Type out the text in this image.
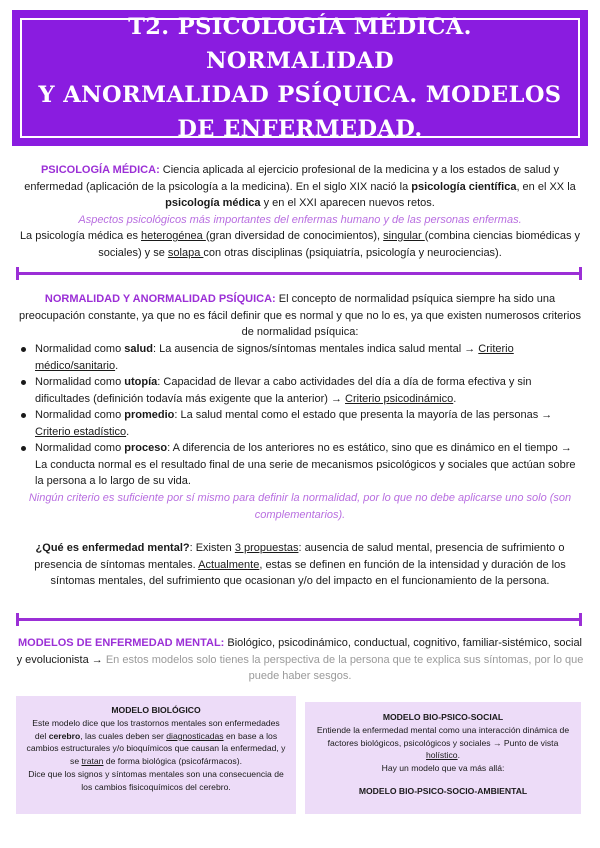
T2. PSICOLOGÍA MÉDICA. NORMALIDAD
Y ANORMALIDAD PSÍQUICA. MODELOS
DE ENFERMEDAD.
PSICOLOGÍA MÉDICA: Ciencia aplicada al ejercicio profesional de la medicina y a los estados de salud y enfermedad (aplicación de la psicología a la medicina). En el siglo XIX nació la psicología científica, en el XX la psicología médica y en el XXI aparecen nuevos retos.
Aspectos psicológicos más importantes del enfermas humano y de las personas enfermas.
La psicología médica es heterogénea (gran diversidad de conocimientos), singular (combina ciencias biomédicas y sociales) y se solapa con otras disciplinas (psiquiatría, psicología y neurociencias).
NORMALIDAD Y ANORMALIDAD PSÍQUICA: El concepto de normalidad psíquica siempre ha sido una preocupación constante, ya que no es fácil definir que es normal y que no lo es, ya que existen numerosos criterios de normalidad psíquica:
Normalidad como salud: La ausencia de signos/síntomas mentales indica salud mental → Criterio médico/sanitario.
Normalidad como utopía: Capacidad de llevar a cabo actividades del día a día de forma efectiva y sin dificultades (definición todavía más exigente que la anterior) → Criterio psicodinámico.
Normalidad como promedio: La salud mental como el estado que presenta la mayoría de las personas → Criterio estadístico.
Normalidad como proceso: A diferencia de los anteriores no es estático, sino que es dinámico en el tiempo → La conducta normal es el resultado final de una serie de mecanismos psicológicos y sociales que actúan sobre la persona a lo largo de su vida.
Ningún criterio es suficiente por sí mismo para definir la normalidad, por lo que no debe aplicarse uno solo (son complementarios).
¿Qué es enfermedad mental?: Existen 3 propuestas: ausencia de salud mental, presencia de sufrimiento o presencia de síntomas mentales. Actualmente, estas se definen en función de la intensidad y duración de los síntomas mentales, del sufrimiento que ocasionan y/o del impacto en el funcionamiento de la persona.
MODELOS DE ENFERMEDAD MENTAL: Biológico, psicodinámico, conductual, cognitivo, familiar-sistémico, social y evolucionista → En estos modelos solo tienes la perspectiva de la persona que te explica sus síntomas, por lo que puede haber sesgos.
MODELO BIOLÓGICO
Este modelo dice que los trastornos mentales son enfermedades del cerebro, las cuales deben ser diagnosticadas en base a los cambios estructurales y/o bioquímicos que causan la enfermedad, y se tratan de forma biológica (psicofármacos).
Dice que los signos y síntomas mentales son una consecuencia de los cambios fisicoquímicos del cerebro.
MODELO BIO-PSICO-SOCIAL
Entiende la enfermedad mental como una interacción dinámica de factores biológicos, psicológicos y sociales → Punto de vista holístico.
Hay un modelo que va más allá:
MODELO BIO-PSICO-SOCIO-AMBIENTAL
